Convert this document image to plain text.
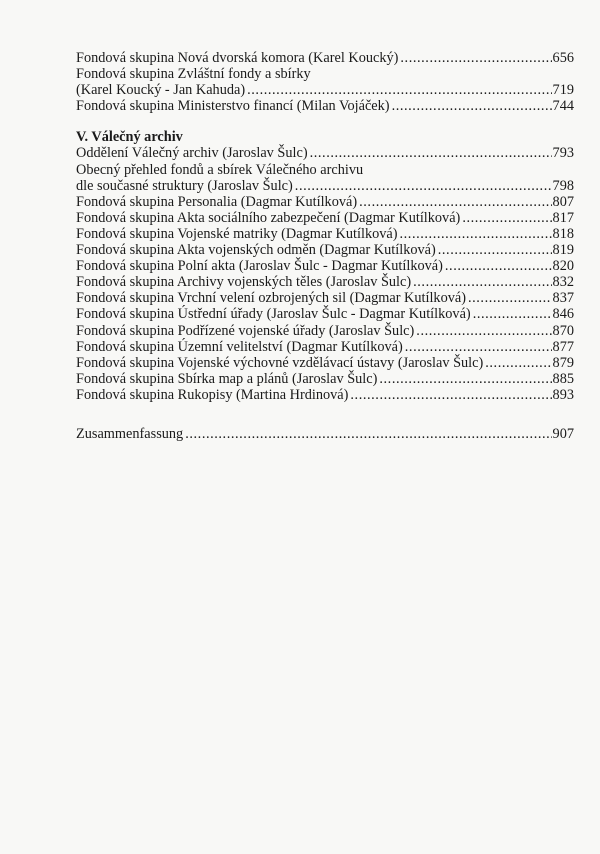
Fondová skupina Nová dvorská komora (Karel Koucký) . . .	656
Fondová skupina Zvláštní fondy a sbírky
(Karel Koucký - Jan Kahuda) . . .	719
Fondová skupina Ministerstvo financí (Milan Vojáček) . . .	744
V. Válečný archiv
Oddělení Válečný archiv (Jaroslav Šulc) . . .	793
Obecný přehled fondů a sbírek Válečného archivu
dle současné struktury (Jaroslav Šulc) . . .	798
Fondová skupina Personalia (Dagmar Kutílková) . . .	807
Fondová skupina Akta sociálního zabezpečení (Dagmar Kutílková) . . .	817
Fondová skupina Vojenské matriky (Dagmar Kutílková) . . .	818
Fondová skupina Akta vojenských odměn (Dagmar Kutílková) . . .	819
Fondová skupina Polní akta (Jaroslav Šulc - Dagmar Kutílková) . . .	820
Fondová skupina Archivy vojenských těles (Jaroslav Šulc) . . .	832
Fondová skupina Vrchní velení ozbrojených sil (Dagmar Kutílková) . . .	837
Fondová skupina Ústřední úřady (Jaroslav Šulc - Dagmar Kutílková) . . .	846
Fondová skupina Podřízené vojenské úřady (Jaroslav Šulc) . . .	870
Fondová skupina Územní velitelství (Dagmar Kutílková) . . .	877
Fondová skupina Vojenské výchovné vzdělávací ústavy (Jaroslav Šulc) . . .	879
Fondová skupina Sbírka map a plánů (Jaroslav Šulc) . . .	885
Fondová skupina Rukopisy (Martina Hrdinová) . . .	893
Zusammenfassung . . .	907
